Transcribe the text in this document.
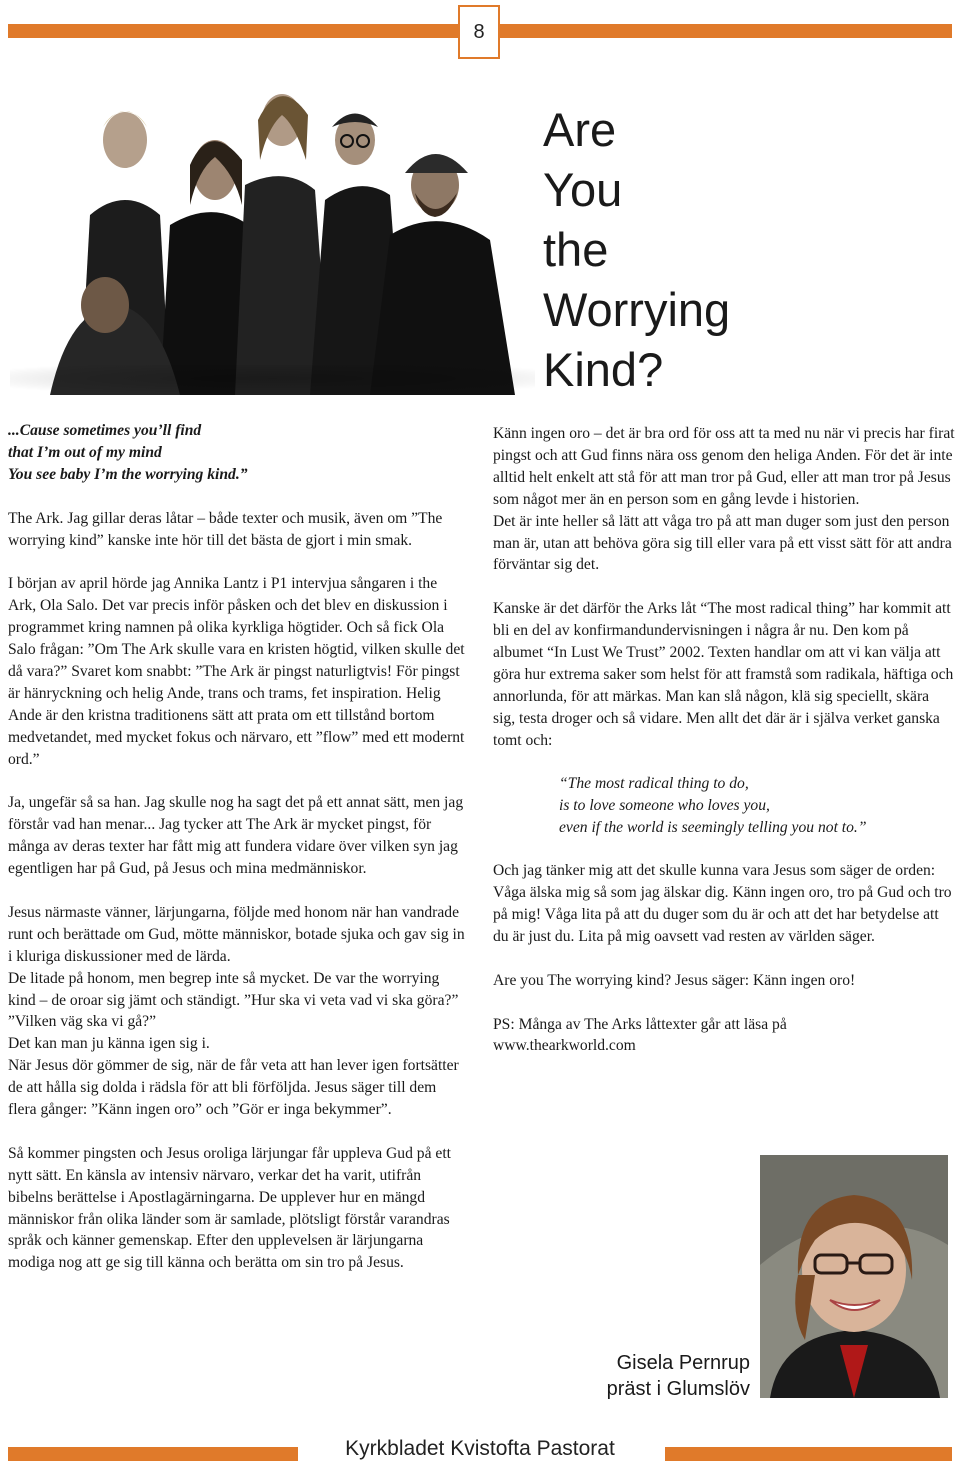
8
Are
You
the
Worrying
Kind?

...Cause sometimes you’ll find
that I’m out of my mind
You see baby I’m the worrying kind.”

The Ark. Jag gillar deras låtar – både texter och musik, även om ”The worrying kind” kanske inte hör till det bästa de gjort i min smak.

I början av april hörde jag Annika Lantz i P1 intervjua sångaren i the Ark, Ola Salo. Det var precis inför påsken och det blev en diskussion i programmet kring namnen på olika kyrkliga högtider. Och så fick Ola Salo frågan: ”Om The Ark skulle vara en kristen högtid, vilken skulle det då vara?” Svaret kom snabbt: ”The Ark är pingst naturligtvis! För pingst är hänryckning och helig Ande, trans och trams, fet inspiration. Helig Ande är den kristna traditionens sätt att prata om ett tillstånd bortom medvetandet, med mycket fokus och närvaro, ett ”flow” med ett modernt ord.”

Ja, ungefär så sa han. Jag skulle nog ha sagt det på ett annat sätt, men jag förstår vad han menar... Jag tycker att The Ark är mycket pingst, för många av deras texter har fått mig att fundera vidare över vilken syn jag egentligen har på Gud, på Jesus och mina medmänniskor.

Jesus närmaste vänner, lärjungarna, följde med honom när han vandrade runt och berättade om Gud, mötte människor, botade sjuka och gav sig in i kluriga diskussioner med de lärda.

De litade på honom, men begrep inte så mycket. De var the worrying kind – de oroar sig jämt och ständigt. ”Hur ska vi veta vad vi ska göra?” ”Vilken väg ska vi gå?”

Det kan man ju känna igen sig i.

När Jesus dör gömmer de sig, när de får veta att han lever igen fortsätter de att hålla sig dolda i rädsla för att bli förföljda. Jesus säger till dem flera gånger: ”Känn ingen oro” och ”Gör er inga bekymmer”.

Så kommer pingsten och Jesus oroliga lärjungar får uppleva Gud på ett nytt sätt. En känsla av intensiv närvaro, verkar det ha varit, utifrån bibelns berättelse i Apostlagärningarna. De upplever hur en mängd människor från olika länder som är samlade, plötsligt förstår varandras språk och känner gemenskap. Efter den upplevelsen är lärjungarna modiga nog att ge sig till känna och berätta om sin tro på Jesus.

Känn ingen oro – det är bra ord för oss att ta med nu när vi precis har firat pingst och att Gud finns nära oss genom den heliga Anden. För det är inte alltid helt enkelt att stå för att man tror på Gud, eller att man tror på Jesus som något mer än en person som en gång levde i historien.

Det är inte heller så lätt att våga tro på att man duger som just den person man är, utan att behöva göra sig till eller vara på ett visst sätt för att andra förväntar sig det.

Kanske är det därför the Arks låt “The most radical thing” har kommit att bli en del av konfirmandundervisningen i några år nu. Den kom på albumet “In Lust We Trust” 2002. Texten handlar om att vi kan välja att göra hur extrema saker som helst för att framstå som radikala, häftiga och annorlunda, för att märkas. Man kan slå någon, klä sig speciellt, skära sig, testa droger och så vidare. Men allt det där är i själva verket ganska tomt och:

“The most radical thing to do,
is to love someone who loves you,
even if the world is seemingly telling you not to.”

Och jag tänker mig att det skulle kunna vara Jesus som säger de orden: Våga älska mig så som jag älskar dig. Känn ingen oro, tro på Gud och tro på mig! Våga lita på att du duger som du är och att det har betydelse att du är just du. Lita på mig oavsett vad resten av världen säger.

Are you The worrying kind? Jesus säger: Känn ingen oro!

PS: Många av The Arks låttexter går att läsa på
www.thearkworld.com

Gisela Pernrup
präst i Glumslöv
Kyrkbladet Kvistofta Pastorat
